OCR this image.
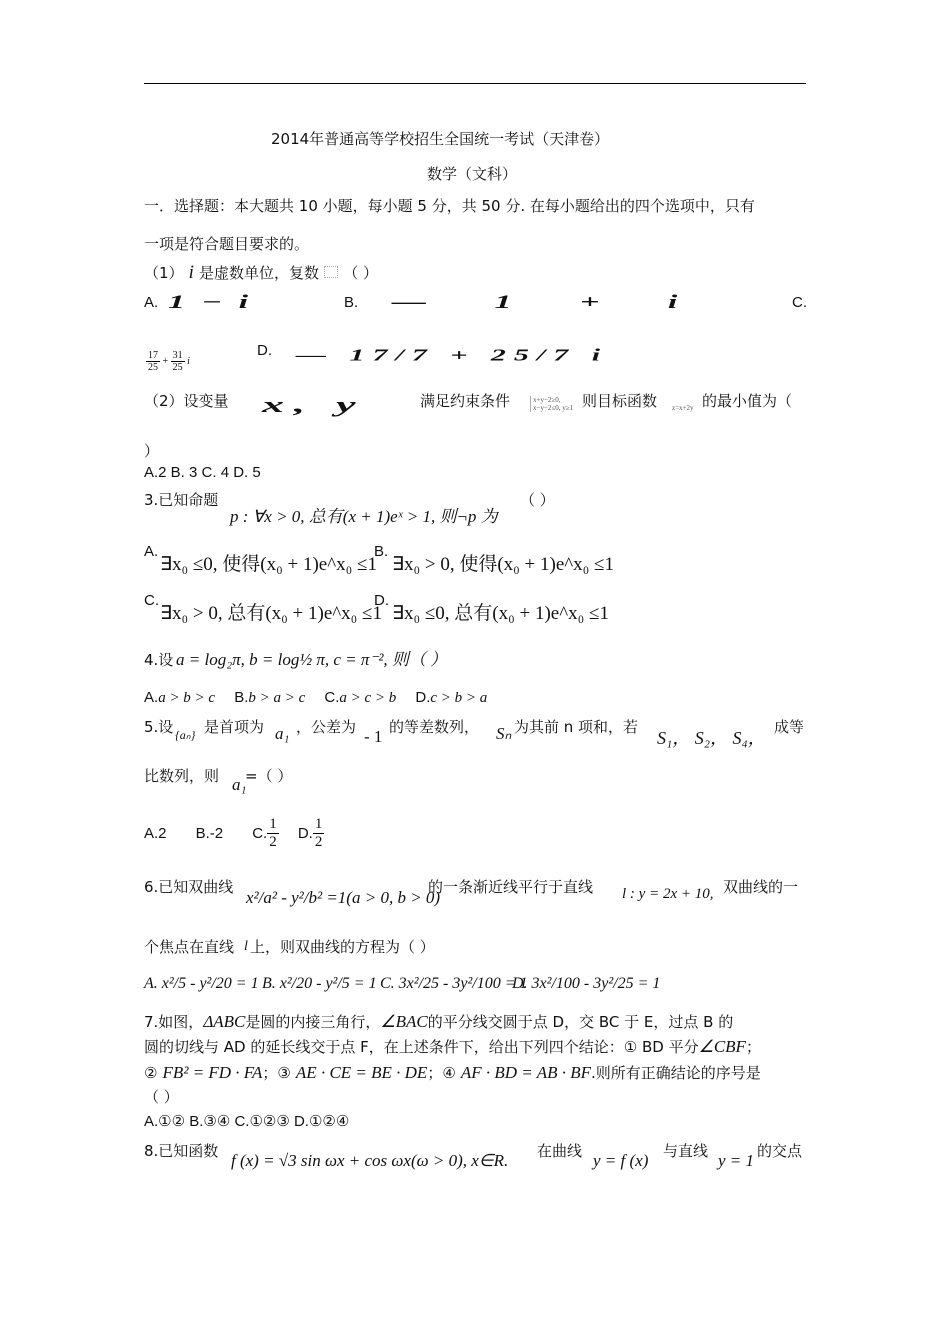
2014年普通高等学校招生全国统一考试（天津卷）
数学（文科）
一．选择题：本大题共 10 小题，每小题 5 分，共 50 分. 在每小题给出的四个选项中，只有
一项是符合题目要求的。
（1） i 是虚数单位，复数 （ ）
A. 1 − i	B. — 1 + i	C.
$\frac{17}{25} + \frac{31}{25}$ i
D. — 17/7 + 25/7 i
（2）设变量 x, y	满足约束条件	x+y−2≥0, x−y−2≤0, y≥1 则目标函数 z=x+2y 的最小值为（
）
A.2 B. 3 C. 4 D. 5
3.已知命题
p : ∀x > 0, 总有(x + 1)eˣ > 1, 则¬p 为
（ ）
A.
∃x₀ ≤0, 使得(x₀ + 1)e^x₀ ≤1
B.
∃x₀ > 0, 使得(x₀ + 1)e^x₀ ≤1
C.
∃x₀ > 0, 总有(x₀ + 1)e^x₀ ≤1
D.
∃x₀ ≤0, 总有(x₀ + 1)e^x₀ ≤1
4.设 a = log₂π, b = log½ π, c = π⁻², 则（ ）
A.a > b > c B.b > a > c C.a > c > b D.c > b > a
5.设 {aₙ} 是首项为 a₁ ，公差为 - 1 的等差数列， Sₙ 为其前 n 项和，若
S₁， S₂， S₄，
成等
比数列，则 a₁
=（ ）
A.2 B.-2 C. $\frac{1}{2} D$. $\frac{1}{2}$
6.已知双曲线
x²/a² - y²/b² =1(a > 0, b > 0)
的一条渐近线平行于直线 l : y = 2x + 10, 双曲线的一
个焦点在直线 l 上，则双曲线的方程为（ ）
A. x²/5 - y²/20 = 1 B. x²/20 - y²/5 = 1 C. 3x²/25 - 3y²/100 = 1
D. 3x²/100 - 3y²/25 = 1
7.如图，ΔABC是圆的内接三角行，∠BAC的平分线交圆于点 D，交 BC 于 E，过点 B 的
圆的切线与 AD 的延长线交于点 F，在上述条件下，给出下列四个结论：① BD 平分∠CBF；
② FB² = FD · FA；③ AE · CE = BE · DE；④ AF · BD = AB · BF.则所有正确结论的序号是
（ ）
A.①② B.③④ C.①②③ D.①②④
8.已知函数 f (x) = √3 sin ωx + cos ωx(ω > 0), x∈R. 在曲线 y = f (x) 与直线 y = 1 的交点
